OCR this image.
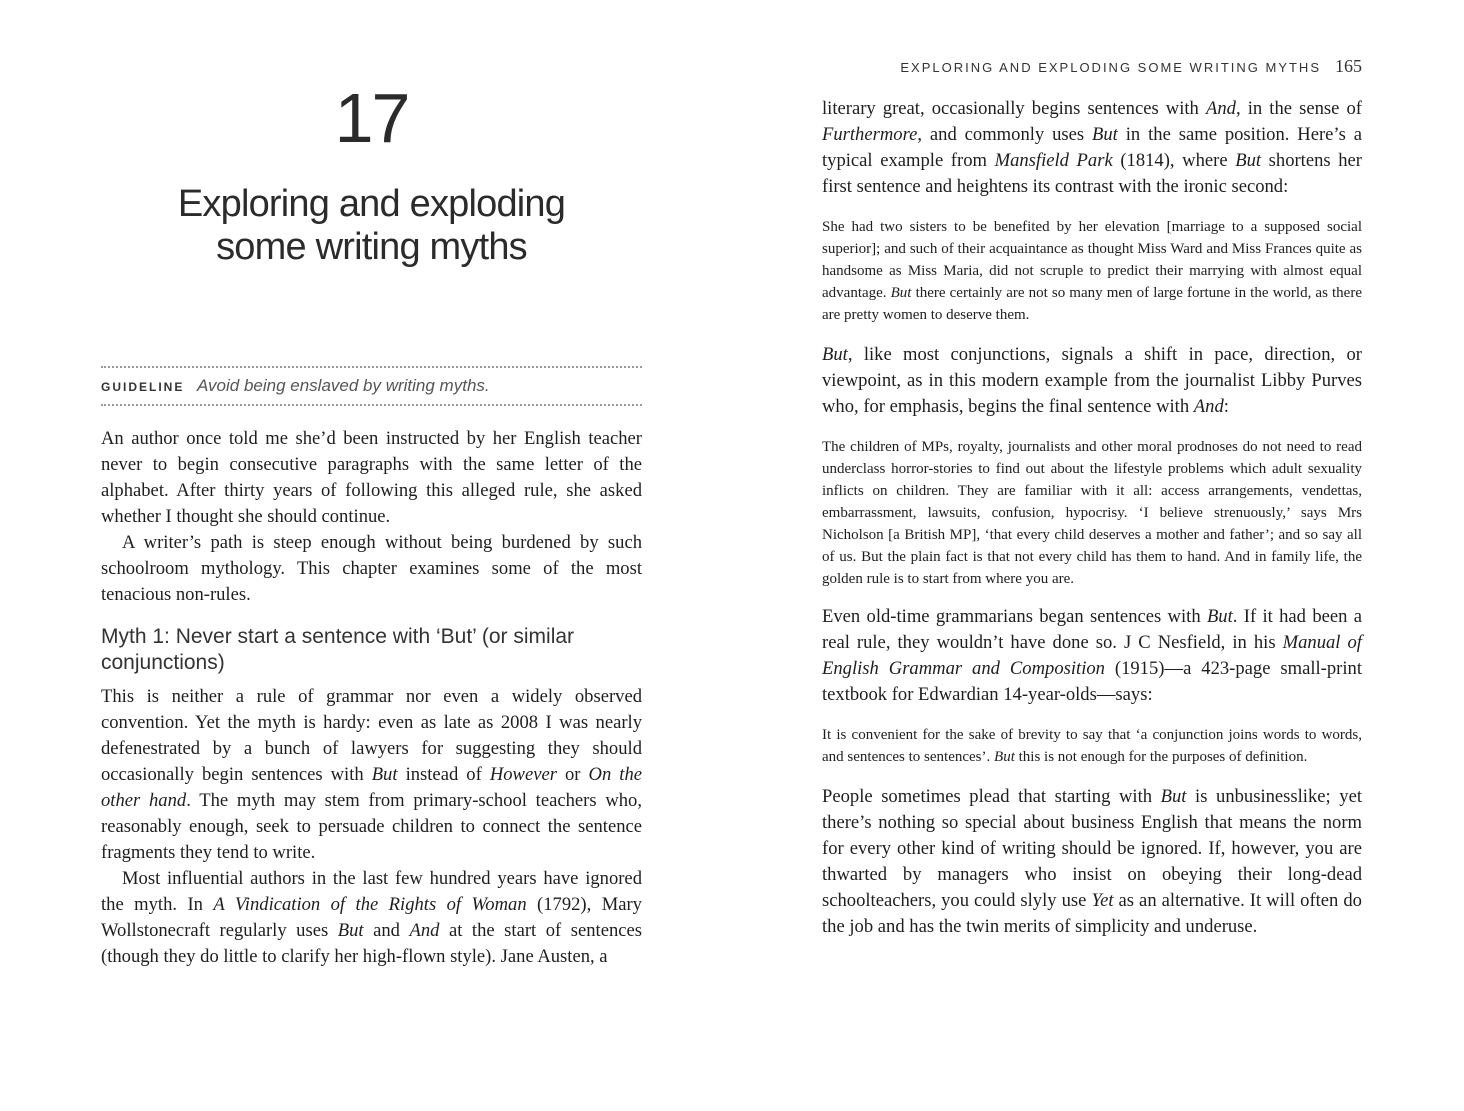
17
Exploring and exploding
some writing myths
GUIDELINE Avoid being enslaved by writing myths.

An author once told me she’d been instructed by her English teacher never to begin consecutive paragraphs with the same letter of the alphabet. After thirty years of following this alleged rule, she asked whether I thought she should continue.

A writer’s path is steep enough without being burdened by such schoolroom mythology. This chapter examines some of the most tenacious non-rules.

Myth 1: Never start a sentence with ‘But’ (or similar conjunctions)

This is neither a rule of grammar nor even a widely observed convention. Yet the myth is hardy: even as late as 2008 I was nearly defenestrated by a bunch of lawyers for suggesting they should occasionally begin sentences with But instead of However or On the other hand. The myth may stem from primary-school teachers who, reasonably enough, seek to persuade children to connect the sentence fragments they tend to write.

Most influential authors in the last few hundred years have ignored the myth. In A Vindication of the Rights of Woman (1792), Mary Wollstonecraft regularly uses But and And at the start of sentences (though they do little to clarify her high-flown style). Jane Austen, a

EXPLORING AND EXPLODING SOME WRITING MYTHS 165

literary great, occasionally begins sentences with And, in the sense of Furthermore, and commonly uses But in the same position. Here’s a typical example from Mansfield Park (1814), where But shortens her first sentence and heightens its contrast with the ironic second:

She had two sisters to be benefited by her elevation [marriage to a supposed social superior]; and such of their acquaintance as thought Miss Ward and Miss Frances quite as handsome as Miss Maria, did not scruple to predict their marrying with almost equal advantage. But there certainly are not so many men of large fortune in the world, as there are pretty women to deserve them.

But, like most conjunctions, signals a shift in pace, direction, or viewpoint, as in this modern example from the journalist Libby Purves who, for emphasis, begins the final sentence with And:

The children of MPs, royalty, journalists and other moral prodnoses do not need to read underclass horror-stories to find out about the lifestyle problems which adult sexuality inflicts on children. They are familiar with it all: access arrangements, vendettas, embarrassment, lawsuits, confusion, hypocrisy. ‘I believe strenuously,’ says Mrs Nicholson [a British MP], ‘that every child deserves a mother and father’; and so say all of us. But the plain fact is that not every child has them to hand. And in family life, the golden rule is to start from where you are.

Even old-time grammarians began sentences with But. If it had been a real rule, they wouldn’t have done so. J C Nesfield, in his Manual of English Grammar and Composition (1915)—a 423-page small-print textbook for Edwardian 14-year-olds—says:

It is convenient for the sake of brevity to say that ‘a conjunction joins words to words, and sentences to sentences’. But this is not enough for the purposes of definition.

People sometimes plead that starting with But is unbusinesslike; yet there’s nothing so special about business English that means the norm for every other kind of writing should be ignored. If, however, you are thwarted by managers who insist on obeying their long-dead schoolteachers, you could slyly use Yet as an alternative. It will often do the job and has the twin merits of simplicity and underuse.
